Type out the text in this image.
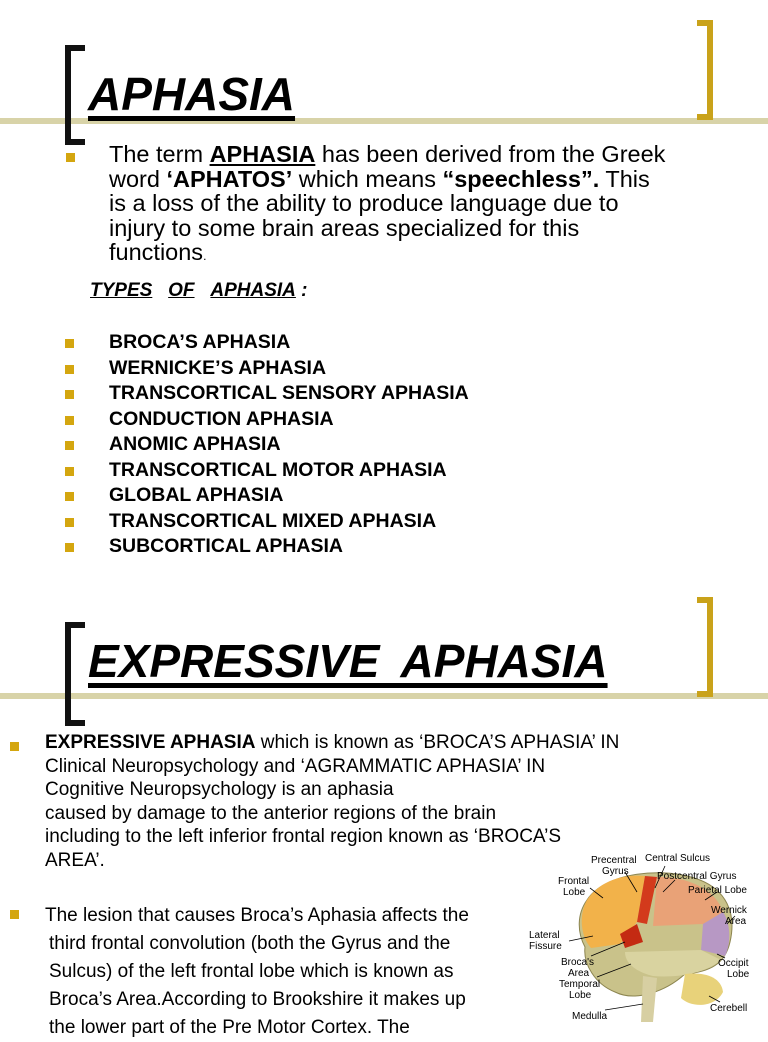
APHASIA

The term APHASIA has been derived from the Greek word ‘APHATOS’ which means “speechless”. This is a loss of the ability to produce language due to injury to some brain areas specialized for this functions.

TYPES OF APHASIA :
BROCA’S APHASIA
WERNICKE’S APHASIA
TRANSCORTICAL SENSORY APHASIA
CONDUCTION APHASIA
ANOMIC APHASIA
TRANSCORTICAL MOTOR APHASIA
GLOBAL APHASIA
TRANSCORTICAL MIXED APHASIA
SUBCORTICAL APHASIA
EXPRESSIVE APHASIA

EXPRESSIVE APHASIA which is known as ‘BROCA’S APHASIA’ IN Clinical Neuropsychology and ‘AGRAMMATIC APHASIA’ IN Cognitive Neuropsychology is an aphasia
caused by damage to the anterior regions of the brain
including to the left inferior frontal region known as ‘BROCA’S AREA’.

The lesion that causes Broca’s Aphasia affects the
third frontal convolution (both the Gyrus and the
Sulcus) of the left frontal lobe which is known as
Broca’s Area.According to Brookshire it makes up
the lower part of the Pre Motor Cortex. The

Precentral
Gyrus
Central Sulcus
Frontal
Lobe
Postcentral Gyrus
Parietal Lobe
Wernick
Area
Lateral
Fissure
Broca's
Area
Occipit
Lobe
Temporal
Lobe
Medulla
Cerebell
